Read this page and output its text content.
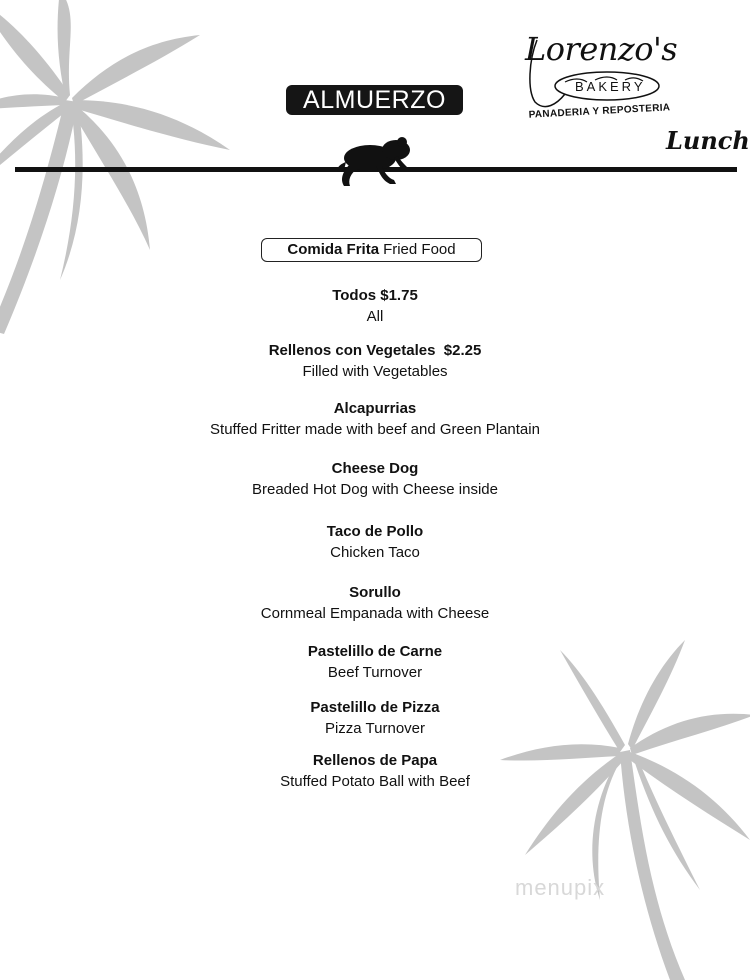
ALMUERZO
Lorenzo's
BAKERY
PANADERIA Y REPOSTERIA
Lunch
Comida Frita Fried Food
Todos $1.75
All
Rellenos con Vegetales  $2.25
Filled with Vegetables
Alcapurrias
Stuffed Fritter made with beef and Green Plantain
Cheese Dog
Breaded Hot Dog with Cheese inside
Taco de Pollo
Chicken Taco
Sorullo
Cornmeal Empanada with Cheese
Pastelillo de Carne
Beef Turnover
Pastelillo de Pizza
Pizza Turnover
Rellenos de Papa
Stuffed Potato Ball with Beef
menupix
